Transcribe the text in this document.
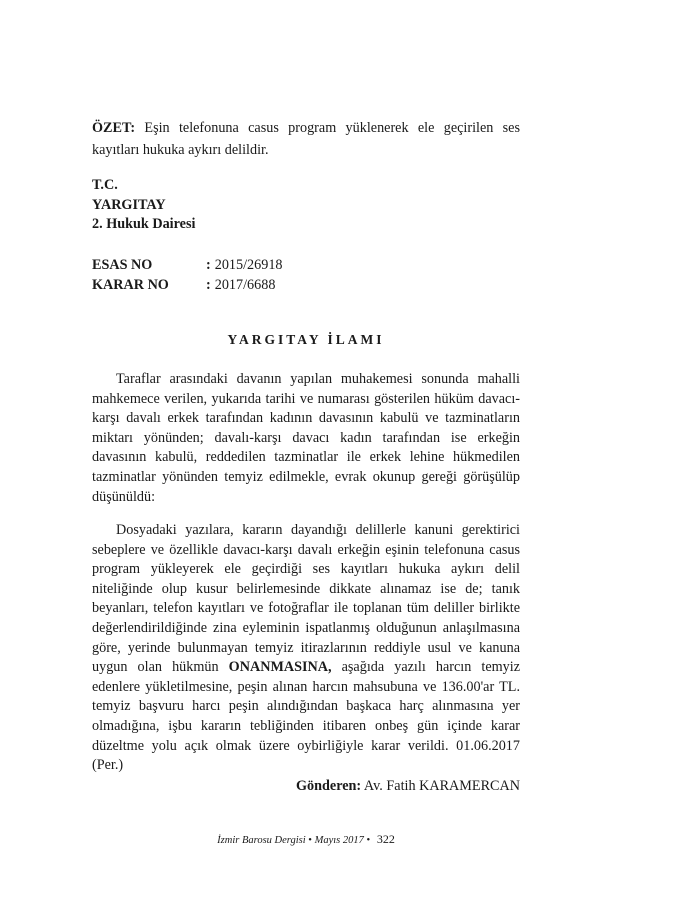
ÖZET: Eşin telefonuna casus program yüklenerek ele geçirilen ses kayıtları hukuka aykırı delildir.

T.C.
YARGITAY
2. Hukuk Dairesi
ESAS NO	: 2015/26918
KARAR NO	: 2017/6688
YARGITAY İLAMI

Taraflar arasındaki davanın yapılan muhakemesi sonunda mahalli mahkemece verilen, yukarıda tarihi ve numarası gösterilen hüküm davacı-karşı davalı erkek tarafından kadının davasının kabulü ve tazminatların miktarı yönünden; davalı-karşı davacı kadın tarafından ise erkeğin davasının kabulü, reddedilen tazminatlar ile erkek lehine hükmedilen tazminatlar yönünden temyiz edilmekle, evrak okunup gereği görüşülüp düşünüldü:

Dosyadaki yazılara, kararın dayandığı delillerle kanuni gerektirici sebeplere ve özellikle davacı-karşı davalı erkeğin eşinin telefonuna casus program yükleyerek ele geçirdiği ses kayıtları hukuka aykırı delil niteliğinde olup kusur belirlemesinde dikkate alınamaz ise de; tanık beyanları, telefon kayıtları ve fotoğraflar ile toplanan tüm deliller birlikte değerlendirildiğinde zina eyleminin ispatlanmış olduğunun anlaşılmasına göre, yerinde bulunmayan temyiz itirazlarının reddiyle usul ve kanuna uygun olan hükmün ONANMASINA, aşağıda yazılı harcın temyiz edenlere yükletilmesine, peşin alınan harcın mahsubuna ve 136.00'ar TL. temyiz başvuru harcı peşin alındığından başkaca harç alınmasına yer olmadığına, işbu kararın tebliğinden itibaren onbeş gün içinde karar düzeltme yolu açık olmak üzere oybirliğiyle karar verildi. 01.06.2017 (Per.)

Gönderen: Av. Fatih KARAMERCAN
İzmir Barosu Dergisi • Mayıs 2017 • 322
